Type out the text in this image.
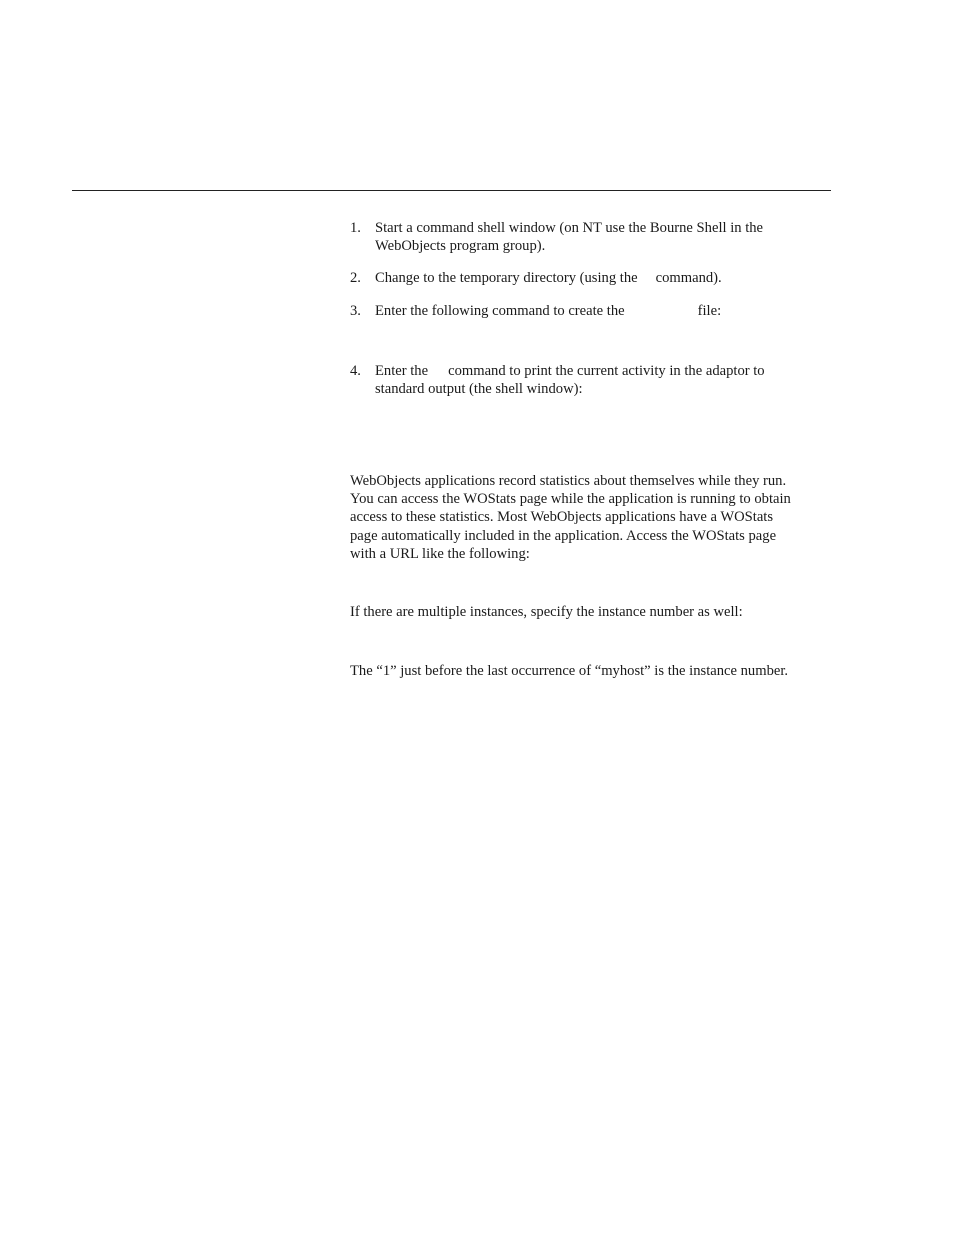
1. Start a command shell window (on NT use the Bourne Shell in the
WebObjects program group).
2. Change to the temporary directory (using the command).
3. Enter the following command to create the	file:
4. Enter the command to print the current activity in the adaptor to
standard output (the shell window):
WebObjects applications record statistics about themselves while they run.
You can access the WOStats page while the application is running to obtain
access to these statistics. Most WebObjects applications have a WOStats
page automatically included in the application. Access the WOStats page
with a URL like the following:
If there are multiple instances, specify the instance number as well:
The “1” just before the last occurrence of “myhost” is the instance number.
